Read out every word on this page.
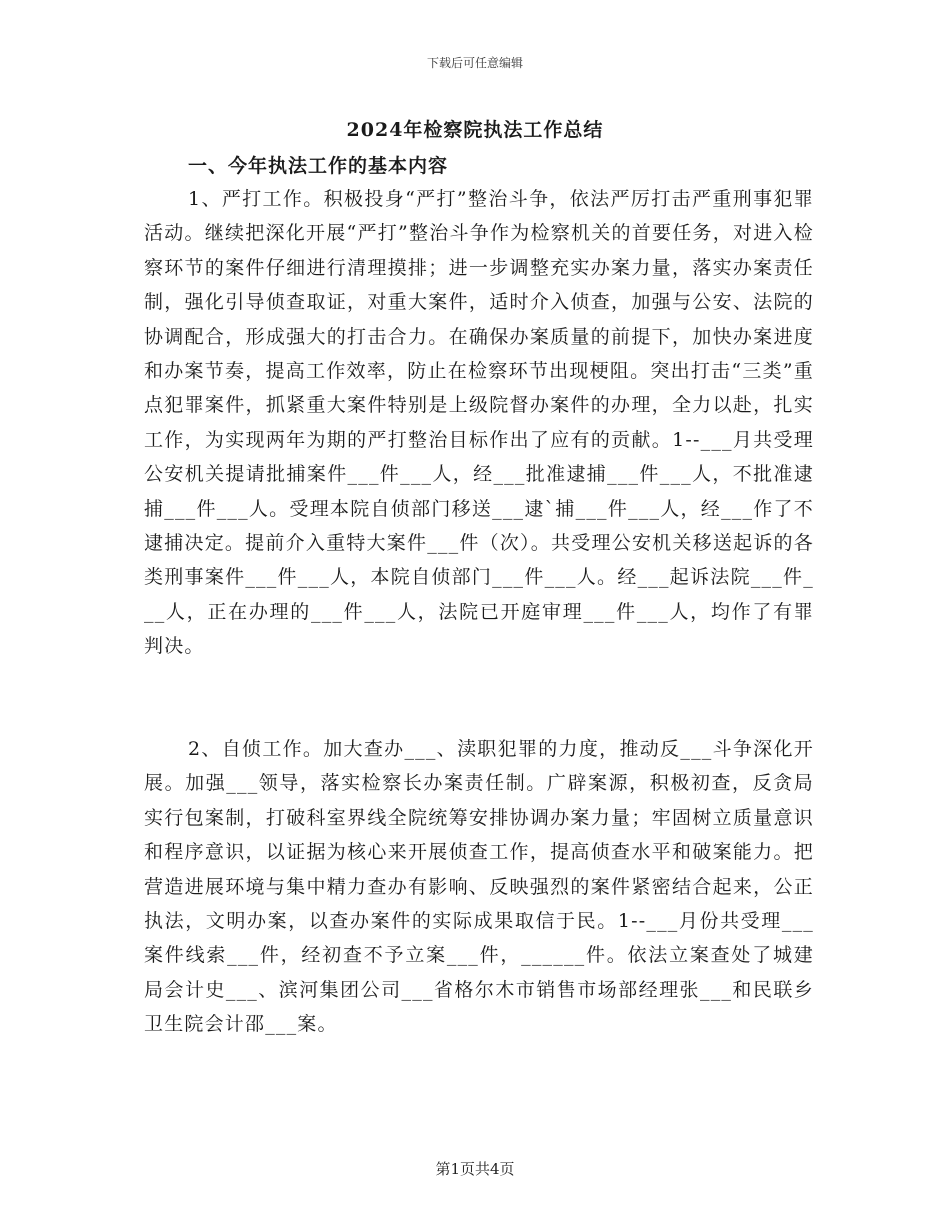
下载后可任意编辑
2024年检察院执法工作总结
一、今年执法工作的基本内容

1、严打工作。积极投身“严打”整治斗争，依法严厉打击严重刑事犯罪活动。继续把深化开展“严打”整治斗争作为检察机关的首要任务，对进入检察环节的案件仔细进行清理摸排；进一步调整充实办案力量，落实办案责任制，强化引导侦查取证，对重大案件，适时介入侦查，加强与公安、法院的协调配合，形成强大的打击合力。在确保办案质量的前提下，加快办案进度和办案节奏，提高工作效率，防止在检察环节出现梗阻。突出打击“三类”重点犯罪案件，抓紧重大案件特别是上级院督办案件的办理，全力以赴，扎实工作，为实现两年为期的严打整治目标作出了应有的贡献。1--___月共受理公安机关提请批捕案件___件___人，经___批准逮捕___件___人，不批准逮捕___件___人。受理本院自侦部门移送___逮`捕___件___人，经___作了不逮捕决定。提前介入重特大案件___件（次）。共受理公安机关移送起诉的各类刑事案件___件___人，本院自侦部门___件___人。经___起诉法院___件___人，正在办理的___件___人，法院已开庭审理___件___人，均作了有罪判决。

2、自侦工作。加大查办___、渎职犯罪的力度，推动反___斗争深化开展。加强___领导，落实检察长办案责任制。广辟案源，积极初查，反贪局实行包案制，打破科室界线全院统筹安排协调办案力量；牢固树立质量意识和程序意识，以证据为核心来开展侦查工作，提高侦查水平和破案能力。把营造进展环境与集中精力查办有影响、反映强烈的案件紧密结合起来，公正执法，文明办案，以查办案件的实际成果取信于民。1--___月份共受理___案件线索___件，经初查不予立案___件，______件。依法立案查处了城建局会计史___、滨河集团公司___省格尔木市销售市场部经理张___和民联乡卫生院会计邵___案。

第1页共4页
